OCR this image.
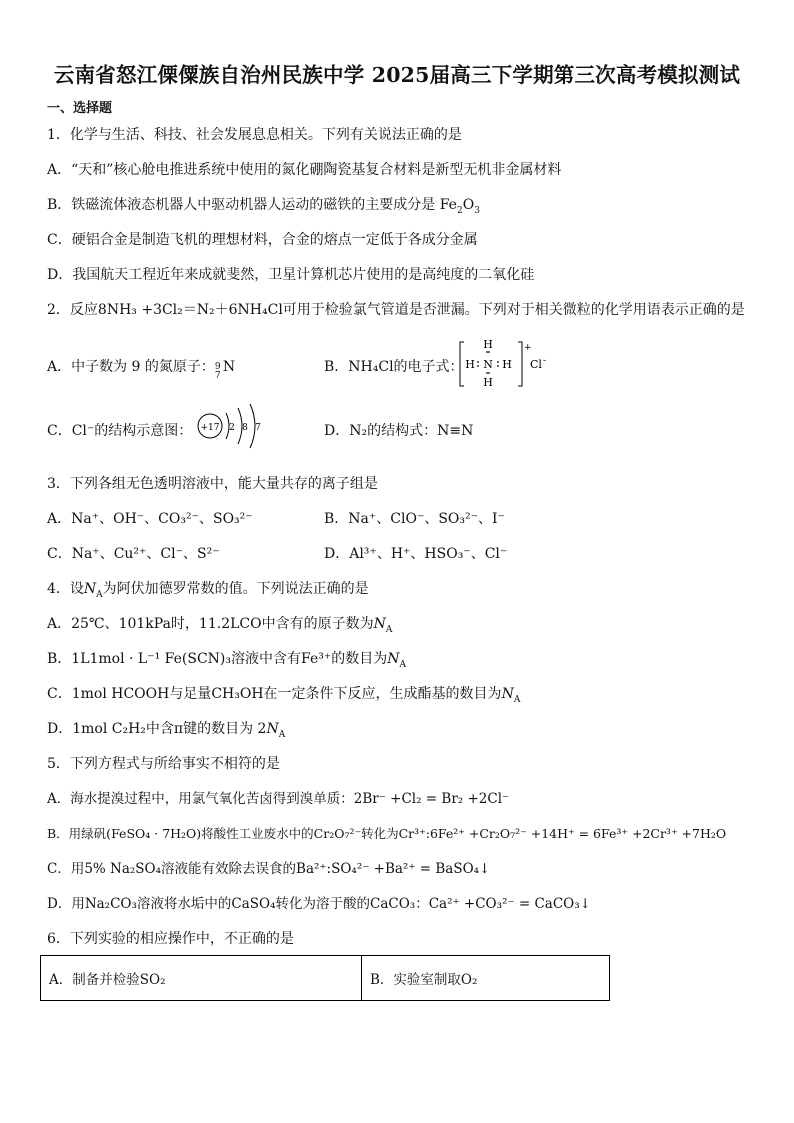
云南省怒江傈僳族自治州民族中学 2025届高三下学期第三次高考模拟测试
一、选择题
1．化学与生活、科技、社会发展息息相关。下列有关说法正确的是
A．“天和”核心舱电推进系统中使用的氮化硼陶瓷基复合材料是新型无机非金属材料
B．铁磁流体液态机器人中驱动机器人运动的磁铁的主要成分是 $Fe_2O_3$
C．硬铝合金是制造飞机的理想材料，合金的熔点一定低于各成分金属
D．我国航天工程近年来成就斐然，卫星计算机芯片使用的是高纯度的二氧化硅
2．反应8NH₃ +3Cl₂＝N₂＋6NH₄Cl可用于检验氯气管道是否泄漏。下列对于相关微粒的化学用语表示正确的是
A．中子数为 9 的氮原子： 9
7
N	B．NH₄Cl的电子式：
H
H
H H
N
+
Cl -
C．Cl⁻的结构示意图： +17 2 8 7	D．N₂的结构式：N≡N
3．下列各组无色透明溶液中，能大量共存的离子组是
A．Na⁺、OH⁻、CO₃²⁻、SO₃²⁻	B．Na⁺、ClO⁻、SO₃²⁻、I⁻
C．Na⁺、Cu²⁺、Cl⁻、S²⁻	D．Al³⁺、H⁺、HSO₃⁻、Cl⁻
4．设$N_A$为阿伏加德罗常数的值。下列说法正确的是
A．25℃、101kPa时，11.2LCO中含有的原子数为$N_A$
B．1L1mol · L⁻¹ Fe(SCN)₃溶液中含有Fe³⁺的数目为$N_A$
C．1mol HCOOH与足量CH₃OH在一定条件下反应，生成酯基的数目为$N_A$
D．1mol C₂H₂中含π键的数目为 $2N_A$
5．下列方程式与所给事实不相符的是
A．海水提溴过程中，用氯气氧化苦卤得到溴单质：2Br⁻ +Cl₂ = Br₂ +2Cl⁻
B．用绿矾(FeSO₄ · 7H₂O)将酸性工业废水中的Cr₂O₇²⁻转化为Cr³⁺:6Fe²⁺ +Cr₂O₇²⁻ +14H⁺ = 6Fe³⁺ +2Cr³⁺ +7H₂O
C．用5% Na₂SO₄溶液能有效除去误食的Ba²⁺:SO₄²⁻ +Ba²⁺ = BaSO₄↓
D．用Na₂CO₃溶液将水垢中的CaSO₄转化为溶于酸的CaCO₃：Ca²⁺ +CO₃²⁻ = CaCO₃↓
6．下列实验的相应操作中，不正确的是
A．制备并检验SO₂	B．实验室制取O₂
